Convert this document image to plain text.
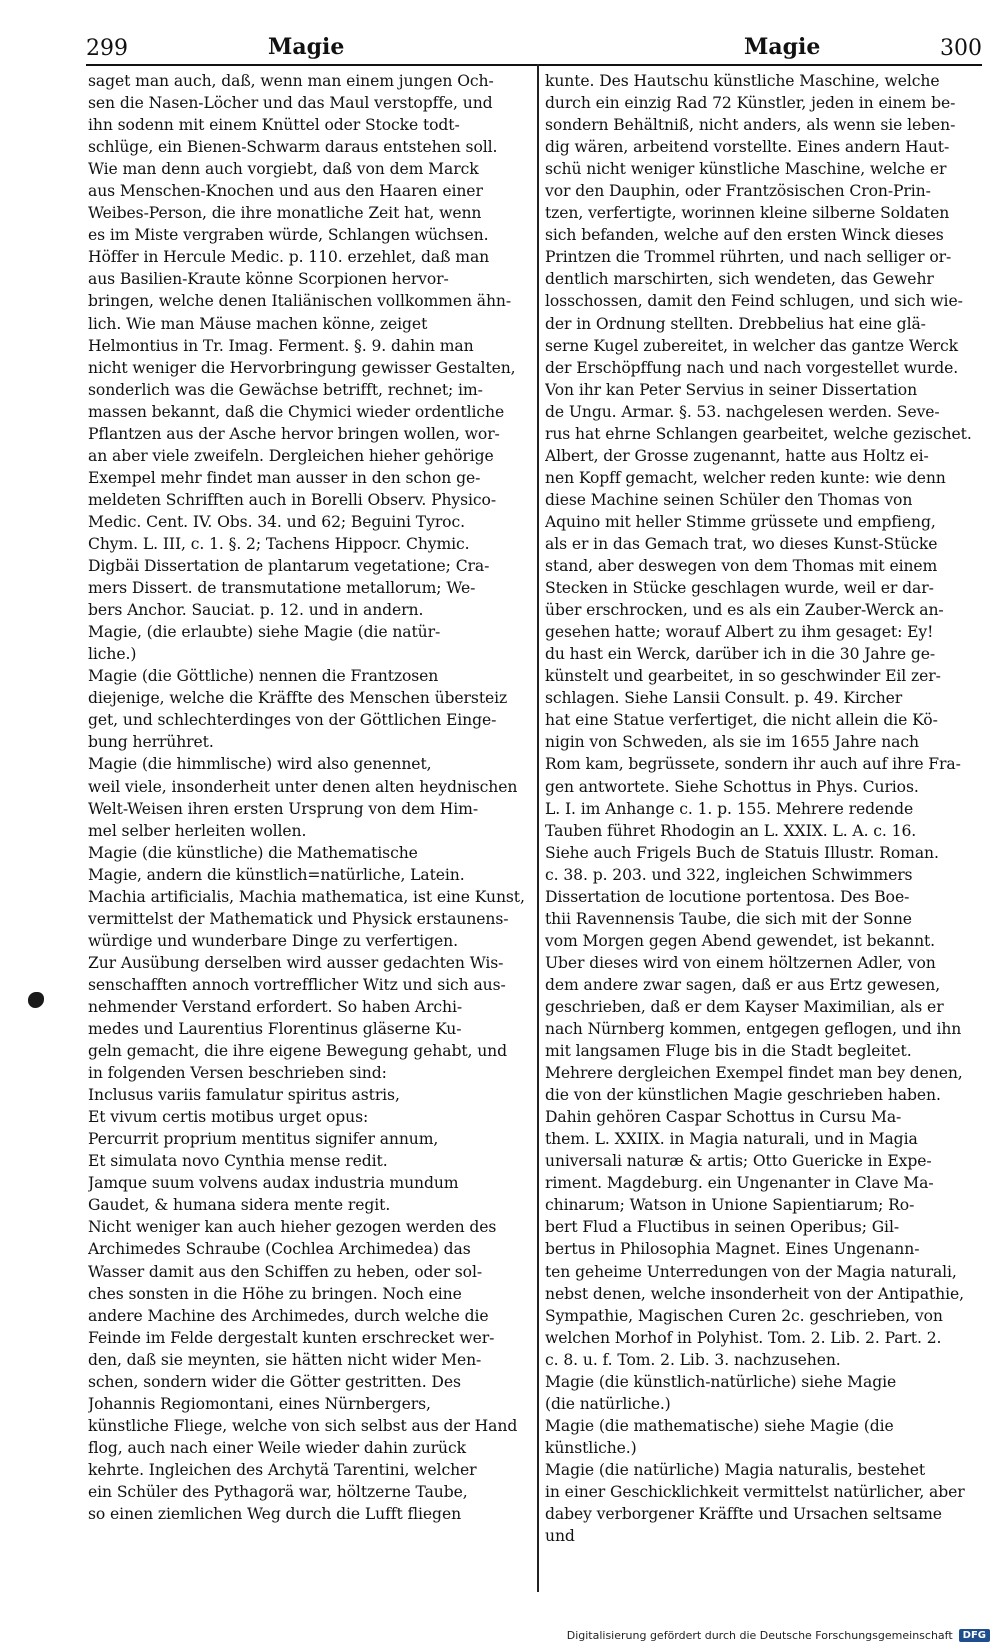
299	Magie	Magie	300

saget man auch, daß, wenn man einem jungen Och-

sen die Nasen-Löcher und das Maul verstopffe, und

ihn sodenn mit einem Knüttel oder Stocke todt-

schlüge, ein Bienen-Schwarm daraus entstehen soll.

Wie man denn auch vorgiebt, daß von dem Marck

aus Menschen-Knochen und aus den Haaren einer

Weibes-Person, die ihre monatliche Zeit hat, wenn

es im Miste vergraben würde, Schlangen wüchsen.

Höffer in Hercule Medic. p. 110. erzehlet, daß man

aus Basilien-Kraute könne Scorpionen hervor-

bringen, welche denen Italiänischen vollkommen ähn-

lich. Wie man Mäuse machen könne, zeiget

Helmontius in Tr. Imag. Ferment. §. 9. dahin man

nicht weniger die Hervorbringung gewisser Gestalten,

sonderlich was die Gewächse betrifft, rechnet; im-

massen bekannt, daß die Chymici wieder ordentliche

Pflantzen aus der Asche hervor bringen wollen, wor-

an aber viele zweifeln. Dergleichen hieher gehörige

Exempel mehr findet man ausser in den schon ge-

meldeten Schrifften auch in Borelli Observ. Physico-

Medic. Cent. IV. Obs. 34. und 62; Beguini Tyroc.

Chym. L. III, c. 1. §. 2; Tachens Hippocr. Chymic.

Digbäi Dissertation de plantarum vegetatione; Cra-

mers Dissert. de transmutatione metallorum; We-

bers Anchor. Sauciat. p. 12. und in andern.

Magie, (die erlaubte) siehe Magie (die natür-

liche.)

Magie (die Göttliche) nennen die Frantzosen

diejenige, welche die Kräffte des Menschen übersteiz

get, und schlechterdinges von der Göttlichen Einge-

bung herrühret.

Magie (die himmlische) wird also genennet,

weil viele, insonderheit unter denen alten heydnischen

Welt-Weisen ihren ersten Ursprung von dem Him-

mel selber herleiten wollen.

Magie (die künstliche) die Mathematische

Magie, andern die künstlich=natürliche, Latein.

Machia artificialis, Machia mathematica, ist eine Kunst,

vermittelst der Mathematick und Physick erstaunens-

würdige und wunderbare Dinge zu verfertigen.

Zur Ausübung derselben wird ausser gedachten Wis-

senschafften annoch vortrefflicher Witz und sich aus-

nehmender Verstand erfordert. So haben Archi-

medes und Laurentius Florentinus gläserne Ku-

geln gemacht, die ihre eigene Bewegung gehabt, und

in folgenden Versen beschrieben sind:

Inclusus variis famulatur spiritus astris,

Et vivum certis motibus urget opus:

Percurrit proprium mentitus signifer annum,

Et simulata novo Cynthia mense redit.

Jamque suum volvens audax industria mundum

Gaudet, & humana sidera mente regit.

Nicht weniger kan auch hieher gezogen werden des

Archimedes Schraube (Cochlea Archimedea) das

Wasser damit aus den Schiffen zu heben, oder sol-

ches sonsten in die Höhe zu bringen. Noch eine

andere Machine des Archimedes, durch welche die

Feinde im Felde dergestalt kunten erschrecket wer-

den, daß sie meynten, sie hätten nicht wider Men-

schen, sondern wider die Götter gestritten. Des

Johannis Regiomontani, eines Nürnbergers,

künstliche Fliege, welche von sich selbst aus der Hand

flog, auch nach einer Weile wieder dahin zurück

kehrte. Ingleichen des Archytä Tarentini, welcher

ein Schüler des Pythagorä war, höltzerne Taube,

so einen ziemlichen Weg durch die Lufft fliegen

kunte. Des Hautschu künstliche Maschine, welche

durch ein einzig Rad 72 Künstler, jeden in einem be-

sondern Behältniß, nicht anders, als wenn sie leben-

dig wären, arbeitend vorstellte. Eines andern Haut-

schü nicht weniger künstliche Maschine, welche er

vor den Dauphin, oder Frantzösischen Cron-Prin-

tzen, verfertigte, worinnen kleine silberne Soldaten

sich befanden, welche auf den ersten Winck dieses

Printzen die Trommel rührten, und nach selliger or-

dentlich marschirten, sich wendeten, das Gewehr

losschossen, damit den Feind schlugen, und sich wie-

der in Ordnung stellten. Drebbelius hat eine glä-

serne Kugel zubereitet, in welcher das gantze Werck

der Erschöpffung nach und nach vorgestellet wurde.

Von ihr kan Peter Servius in seiner Dissertation

de Ungu. Armar. §. 53. nachgelesen werden. Seve-

rus hat ehrne Schlangen gearbeitet, welche gezischet.

Albert, der Grosse zugenannt, hatte aus Holtz ei-

nen Kopff gemacht, welcher reden kunte: wie denn

diese Machine seinen Schüler den Thomas von

Aquino mit heller Stimme grüssete und empfieng,

als er in das Gemach trat, wo dieses Kunst-Stücke

stand, aber deswegen von dem Thomas mit einem

Stecken in Stücke geschlagen wurde, weil er dar-

über erschrocken, und es als ein Zauber-Werck an-

gesehen hatte; worauf Albert zu ihm gesaget: Ey!

du hast ein Werck, darüber ich in die 30 Jahre ge-

künstelt und gearbeitet, in so geschwinder Eil zer-

schlagen. Siehe Lansii Consult. p. 49. Kircher

hat eine Statue verfertiget, die nicht allein die Kö-

nigin von Schweden, als sie im 1655 Jahre nach

Rom kam, begrüssete, sondern ihr auch auf ihre Fra-

gen antwortete. Siehe Schottus in Phys. Curios.

L. I. im Anhange c. 1. p. 155. Mehrere redende

Tauben führet Rhodogin an L. XXIX. L. A. c. 16.

Siehe auch Frigels Buch de Statuis Illustr. Roman.

c. 38. p. 203. und 322, ingleichen Schwimmers

Dissertation de locutione portentosa. Des Boe-

thii Ravennensis Taube, die sich mit der Sonne

vom Morgen gegen Abend gewendet, ist bekannt.

Uber dieses wird von einem höltzernen Adler, von

dem andere zwar sagen, daß er aus Ertz gewesen,

geschrieben, daß er dem Kayser Maximilian, als er

nach Nürnberg kommen, entgegen geflogen, und ihn

mit langsamen Fluge bis in die Stadt begleitet.

Mehrere dergleichen Exempel findet man bey denen,

die von der künstlichen Magie geschrieben haben.

Dahin gehören Caspar Schottus in Cursu Ma-

them. L. XXIIX. in Magia naturali, und in Magia

universali naturæ & artis; Otto Guericke in Expe-

riment. Magdeburg. ein Ungenanter in Clave Ma-

chinarum; Watson in Unione Sapientiarum; Ro-

bert Flud a Fluctibus in seinen Operibus; Gil-

bertus in Philosophia Magnet. Eines Ungenann-

ten geheime Unterredungen von der Magia naturali,

nebst denen, welche insonderheit von der Antipathie,

Sympathie, Magischen Curen 2c. geschrieben, von

welchen Morhof in Polyhist. Tom. 2. Lib. 2. Part. 2.

c. 8. u. f. Tom. 2. Lib. 3. nachzusehen.

Magie (die künstlich-natürliche) siehe Magie

(die natürliche.)

Magie (die mathematische) siehe Magie (die

künstliche.)

Magie (die natürliche) Magia naturalis, bestehet

in einer Geschicklichkeit vermittelst natürlicher, aber

dabey verborgener Kräffte und Ursachen seltsame

und

Digitalisierung gefördert durch die Deutsche Forschungsgemeinschaft	DFG
